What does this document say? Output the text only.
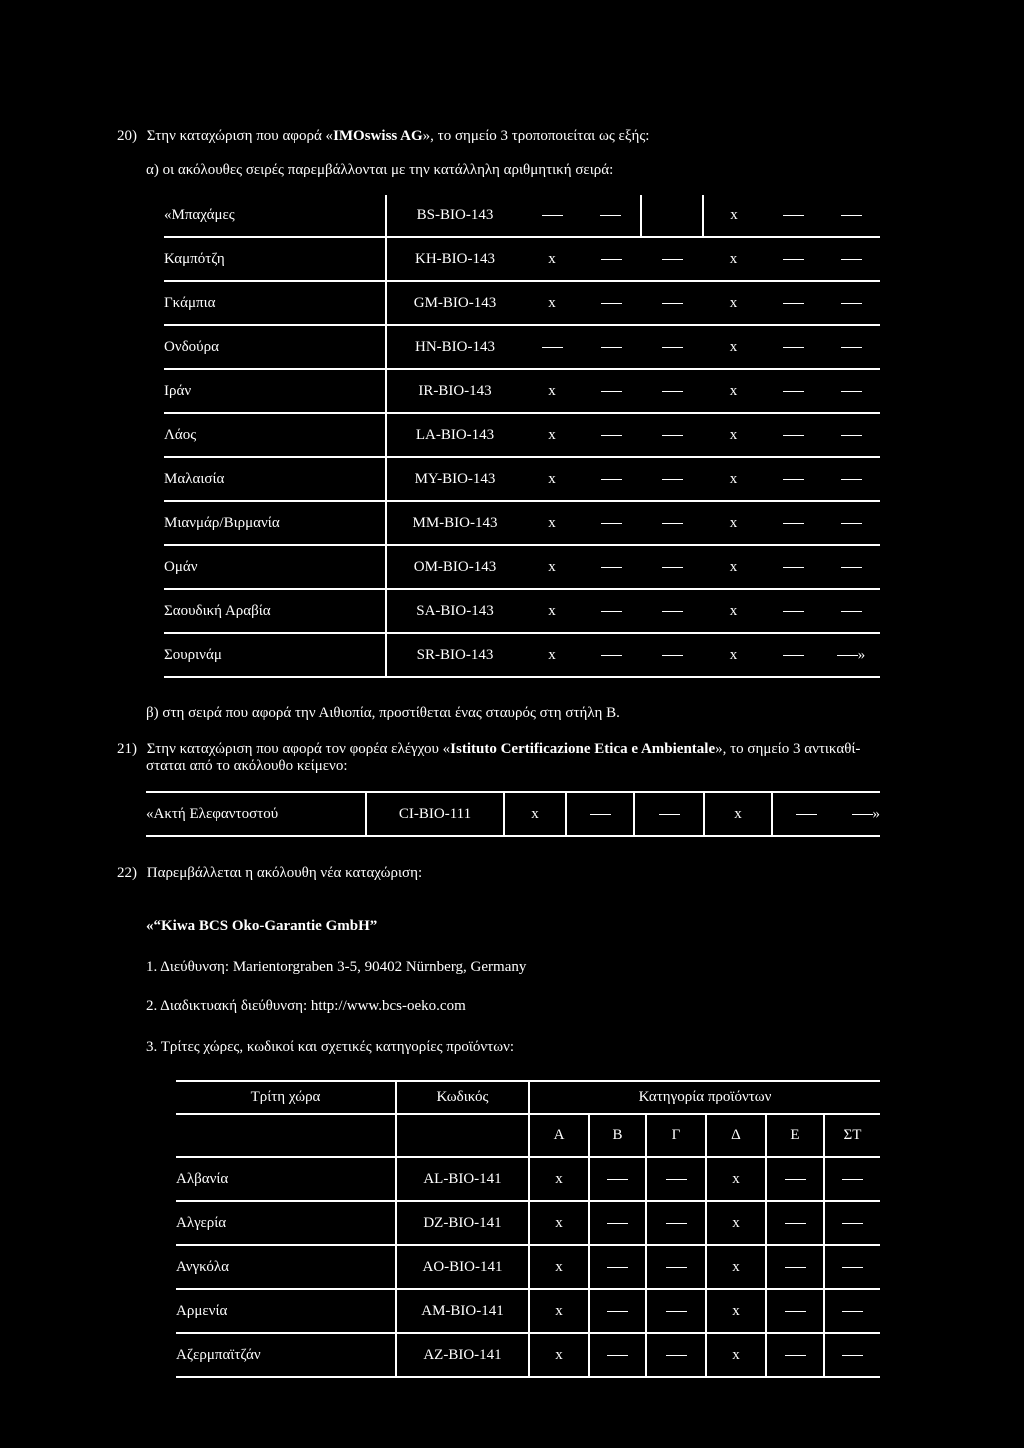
20) Στην καταχώριση που αφορά «IMOswiss AG», το σημείο 3 τροποποιείται ως εξής:
α) οι ακόλουθες σειρές παρεμβάλλονται με την κατάλληλη αριθμητική σειρά:
«Μπαχάμες	BS-BIO-143				x		
Καμπότζη	KH-BIO-143	x			x		
Γκάμπια	GM-BIO-143	x			x		
Ονδούρα	HN-BIO-143				x		
Ιράν	IR-BIO-143	x			x		
Λάος	LA-BIO-143	x			x		
Μαλαισία	MY-BIO-143	x			x		
Μιανμάρ/Βιρμανία	MM-BIO-143	x			x		
Ομάν	OM-BIO-143	x			x		
Σαουδική Αραβία	SA-BIO-143	x			x		
Σουρινάμ	SR-BIO-143	x			x		»
β) στη σειρά που αφορά την Αιθιοπία, προστίθεται ένας σταυρός στη στήλη Β.
21) Στην καταχώριση που αφορά τον φορέα ελέγχου «Istituto Certificazione Etica e Ambientale», το σημείο 3 αντικαθί-
σταται από το ακόλουθο κείμενο:
«Ακτή Ελεφαντοστού	CI-BIO-111	x			x		»
22) Παρεμβάλλεται η ακόλουθη νέα καταχώριση:
«“Kiwa BCS Oko-Garantie GmbH”
1. Διεύθυνση: Marientorgraben 3-5, 90402 Nürnberg, Germany
2. Διαδικτυακή διεύθυνση: http://www.bcs-oeko.com
3. Τρίτες χώρες, κωδικοί και σχετικές κατηγορίες προϊόντων:
Τρίτη χώρα	Κωδικός	Κατηγορία προϊόντων					
		A	B	Γ	Δ	E	ΣΤ
Αλβανία	AL-BIO-141	x			x		
Αλγερία	DZ-BIO-141	x			x		
Ανγκόλα	AO-BIO-141	x			x		
Αρμενία	AM-BIO-141	x			x		
Αζερμπαϊτζάν	AZ-BIO-141	x			x		
